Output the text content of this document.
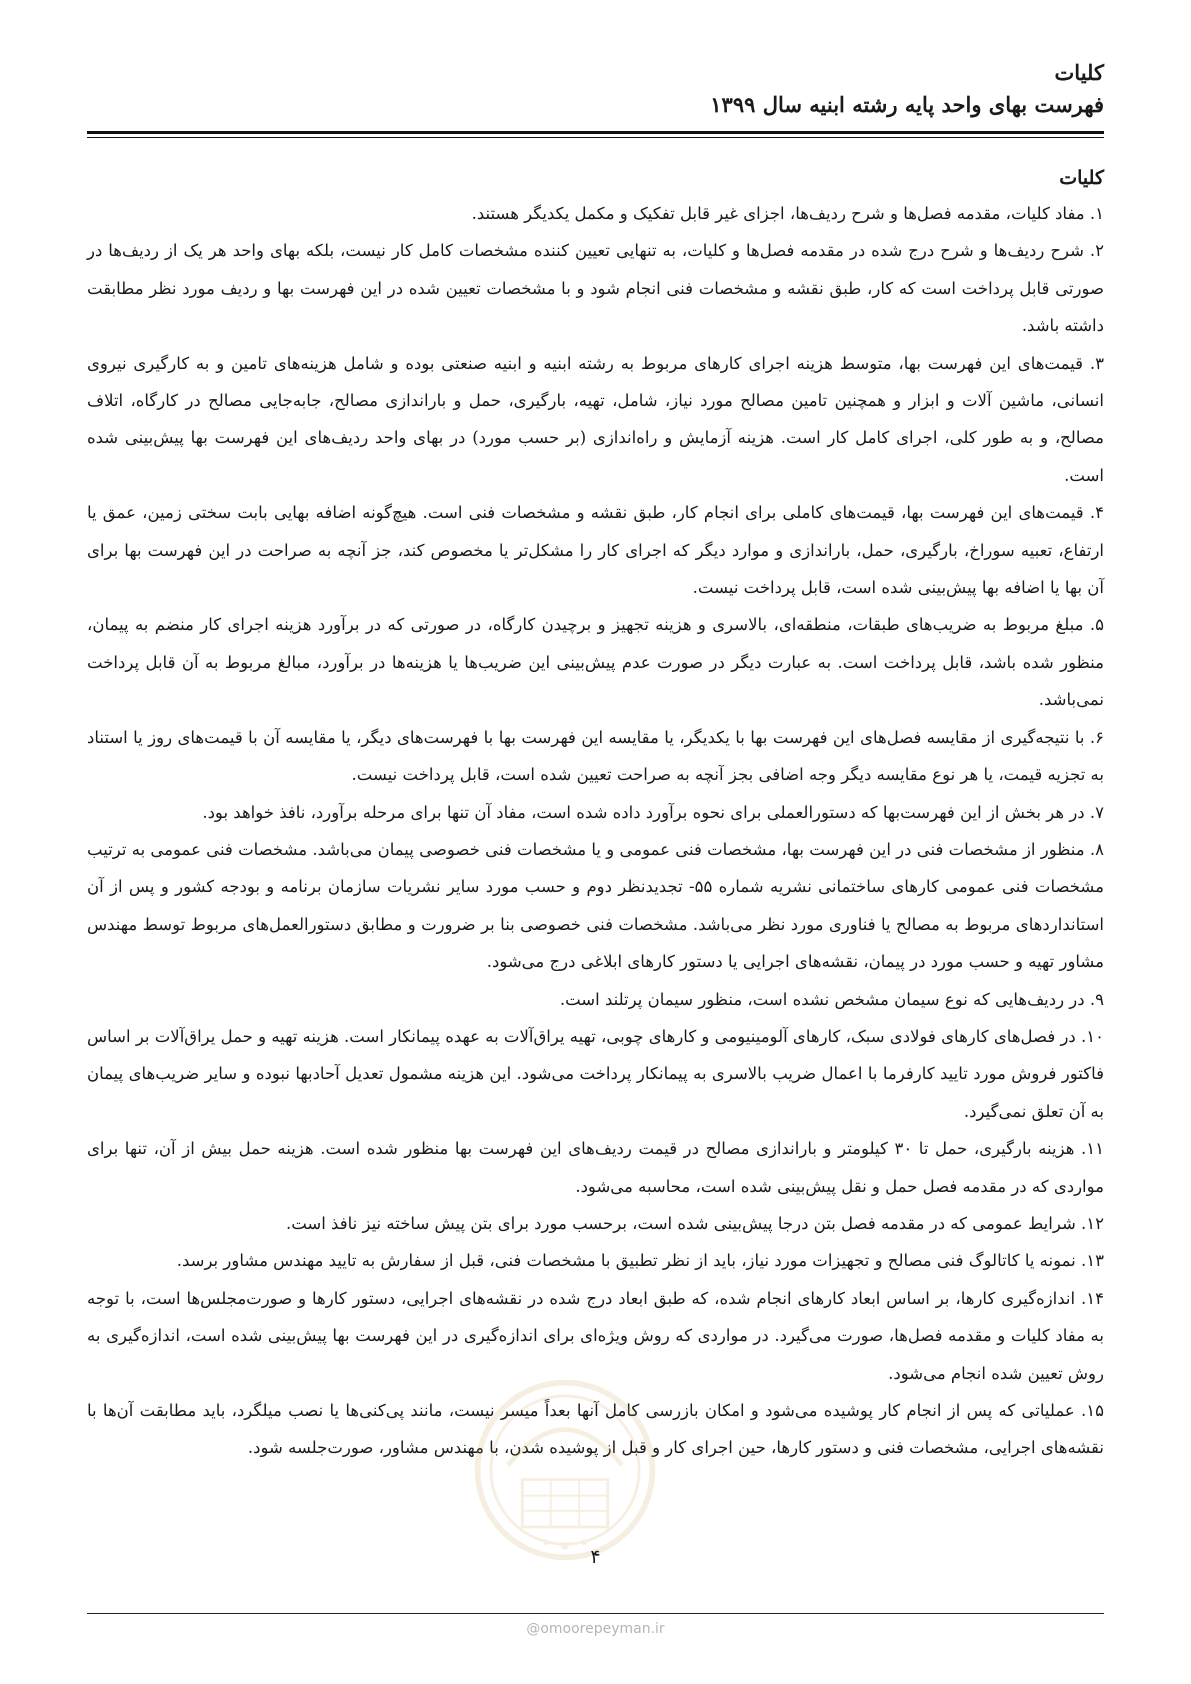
کلیات
فهرست بهای واحد پایه رشته ابنیه سال ۱۳۹۹
کلیات

۱. مفاد کلیات، مقدمه فصل‌ها و شرح ردیف‌ها، اجزای غیر قابل تفکیک و مکمل یکدیگر هستند.

۲. شرح ردیف‌ها و شرح درج شده در مقدمه فصل‌ها و کلیات، به تنهایی تعیین کننده مشخصات کامل کار نیست، بلکه بهای واحد هر یک از ردیف‌ها در صورتی قابل پرداخت است که کار، طبق نقشه و مشخصات فنی انجام شود و با مشخصات تعیین شده در این فهرست بها و ردیف مورد نظر مطابقت داشته باشد.

۳. قیمت‌های این فهرست بها، متوسط هزینه اجرای کارهای مربوط به رشته ابنیه و ابنیه صنعتی بوده و شامل هزینه‌های تامین و به کارگیری نیروی انسانی، ماشین آلات و ابزار و همچنین تامین مصالح مورد نیاز، شامل، تهیه، بارگیری، حمل و باراندازی مصالح، جابه‌جایی مصالح در کارگاه، اتلاف مصالح، و به طور کلی، اجرای کامل کار است. هزینه آزمایش و راه‌اندازی (بر حسب مورد) در بهای واحد ردیف‌های این فهرست بها پیش‌بینی شده است.

۴. قیمت‌های این فهرست بها، قیمت‌های کاملی برای انجام کار، طبق نقشه و مشخصات فنی است. هیچ‌گونه اضافه بهایی بابت سختی زمین، عمق یا ارتفاع، تعبیه سوراخ، بارگیری، حمل، باراندازی و موارد دیگر که اجرای کار را مشکل‌تر یا مخصوص کند، جز آنچه به صراحت در این فهرست بها برای آن بها یا اضافه بها پیش‌بینی شده است، قابل پرداخت نیست.

۵. مبلغ مربوط به ضریب‌های طبقات، منطقه‌ای، بالاسری و هزینه تجهیز و برچیدن کارگاه، در صورتی که در برآورد هزینه اجرای کار منضم به پیمان، منظور شده باشد، قابل پرداخت است. به عبارت دیگر در صورت عدم پیش‌بینی این ضریب‌ها یا هزینه‌ها در برآورد، مبالغ مربوط به آن قابل پرداخت نمی‌باشد.

۶. با نتیجه‌گیری از مقایسه فصل‌های این فهرست بها با یکدیگر، یا مقایسه این فهرست بها با فهرست‌های دیگر، یا مقایسه آن با قیمت‌های روز یا استناد به تجزیه قیمت، یا هر نوع مقایسه دیگر وجه اضافی بجز آنچه به صراحت تعیین شده است، قابل پرداخت نیست.

۷. در هر بخش از این فهرست‌بها که دستورالعملی برای نحوه برآورد داده شده است، مفاد آن تنها برای مرحله برآورد، نافذ خواهد بود.

۸. منظور از مشخصات فنی در این فهرست بها، مشخصات فنی عمومی و یا مشخصات فنی خصوصی پیمان می‌باشد. مشخصات فنی عمومی به ترتیب مشخصات فنی عمومی کارهای ساختمانی نشریه شماره ۵۵- تجدیدنظر دوم و حسب مورد سایر نشریات سازمان برنامه و بودجه کشور و پس از آن استانداردهای مربوط به مصالح یا فناوری مورد نظر می‌باشد. مشخصات فنی خصوصی بنا بر ضرورت و مطابق دستورالعمل‌های مربوط توسط مهندس مشاور تهیه و حسب مورد در پیمان، نقشه‌های اجرایی یا دستور کارهای ابلاغی درج می‌شود.

۹. در ردیف‌هایی که نوع سیمان مشخص نشده است، منظور سیمان پرتلند است.

۱۰. در فصل‌های کارهای فولادی سبک، کارهای آلومینیومی و کارهای چوبی، تهیه یراق‌آلات به عهده پیمانکار است. هزینه تهیه و حمل یراق‌آلات بر اساس فاکتور فروش مورد تایید کارفرما با اعمال ضریب بالاسری به پیمانکار پرداخت می‌شود. این هزینه مشمول تعدیل آحادبها نبوده و سایر ضریب‌های پیمان به آن تعلق نمی‌گیرد.

۱۱. هزینه بارگیری، حمل تا ۳۰ کیلومتر و باراندازی مصالح در قیمت ردیف‌های این فهرست بها منظور شده است. هزینه حمل بیش از آن، تنها برای مواردی که در مقدمه فصل حمل و نقل پیش‌بینی شده است، محاسبه می‌شود.

۱۲. شرایط عمومی که در مقدمه فصل بتن درجا پیش‌بینی شده است، برحسب مورد برای بتن پیش ساخته نیز نافذ است.

۱۳. نمونه یا کاتالوگ فنی مصالح و تجهیزات مورد نیاز، باید از نظر تطبیق با مشخصات فنی، قبل از سفارش به تایید مهندس مشاور برسد.

۱۴. اندازه‌گیری کارها، بر اساس ابعاد کارهای انجام شده، که طبق ابعاد درج شده در نقشه‌های اجرایی، دستور کارها و صورت‌مجلس‌ها است، با توجه به مفاد کلیات و مقدمه فصل‌ها، صورت می‌گیرد. در مواردی که روش ویژه‌ای برای اندازه‌گیری در این فهرست بها پیش‌بینی شده است، اندازه‌گیری به روش تعیین شده انجام می‌شود.

۱۵. عملیاتی که پس از انجام کار پوشیده می‌شود و امکان بازرسی کامل آنها بعداً میسر نیست، مانند پی‌کنی‌ها یا نصب میلگرد، باید مطابقت آن‌ها با نقشه‌های اجرایی، مشخصات فنی و دستور کارها، حین اجرای کار و قبل از پوشیده شدن، با مهندس مشاور، صورت‌جلسه شود.

۴
@omoorepeyman.ir
